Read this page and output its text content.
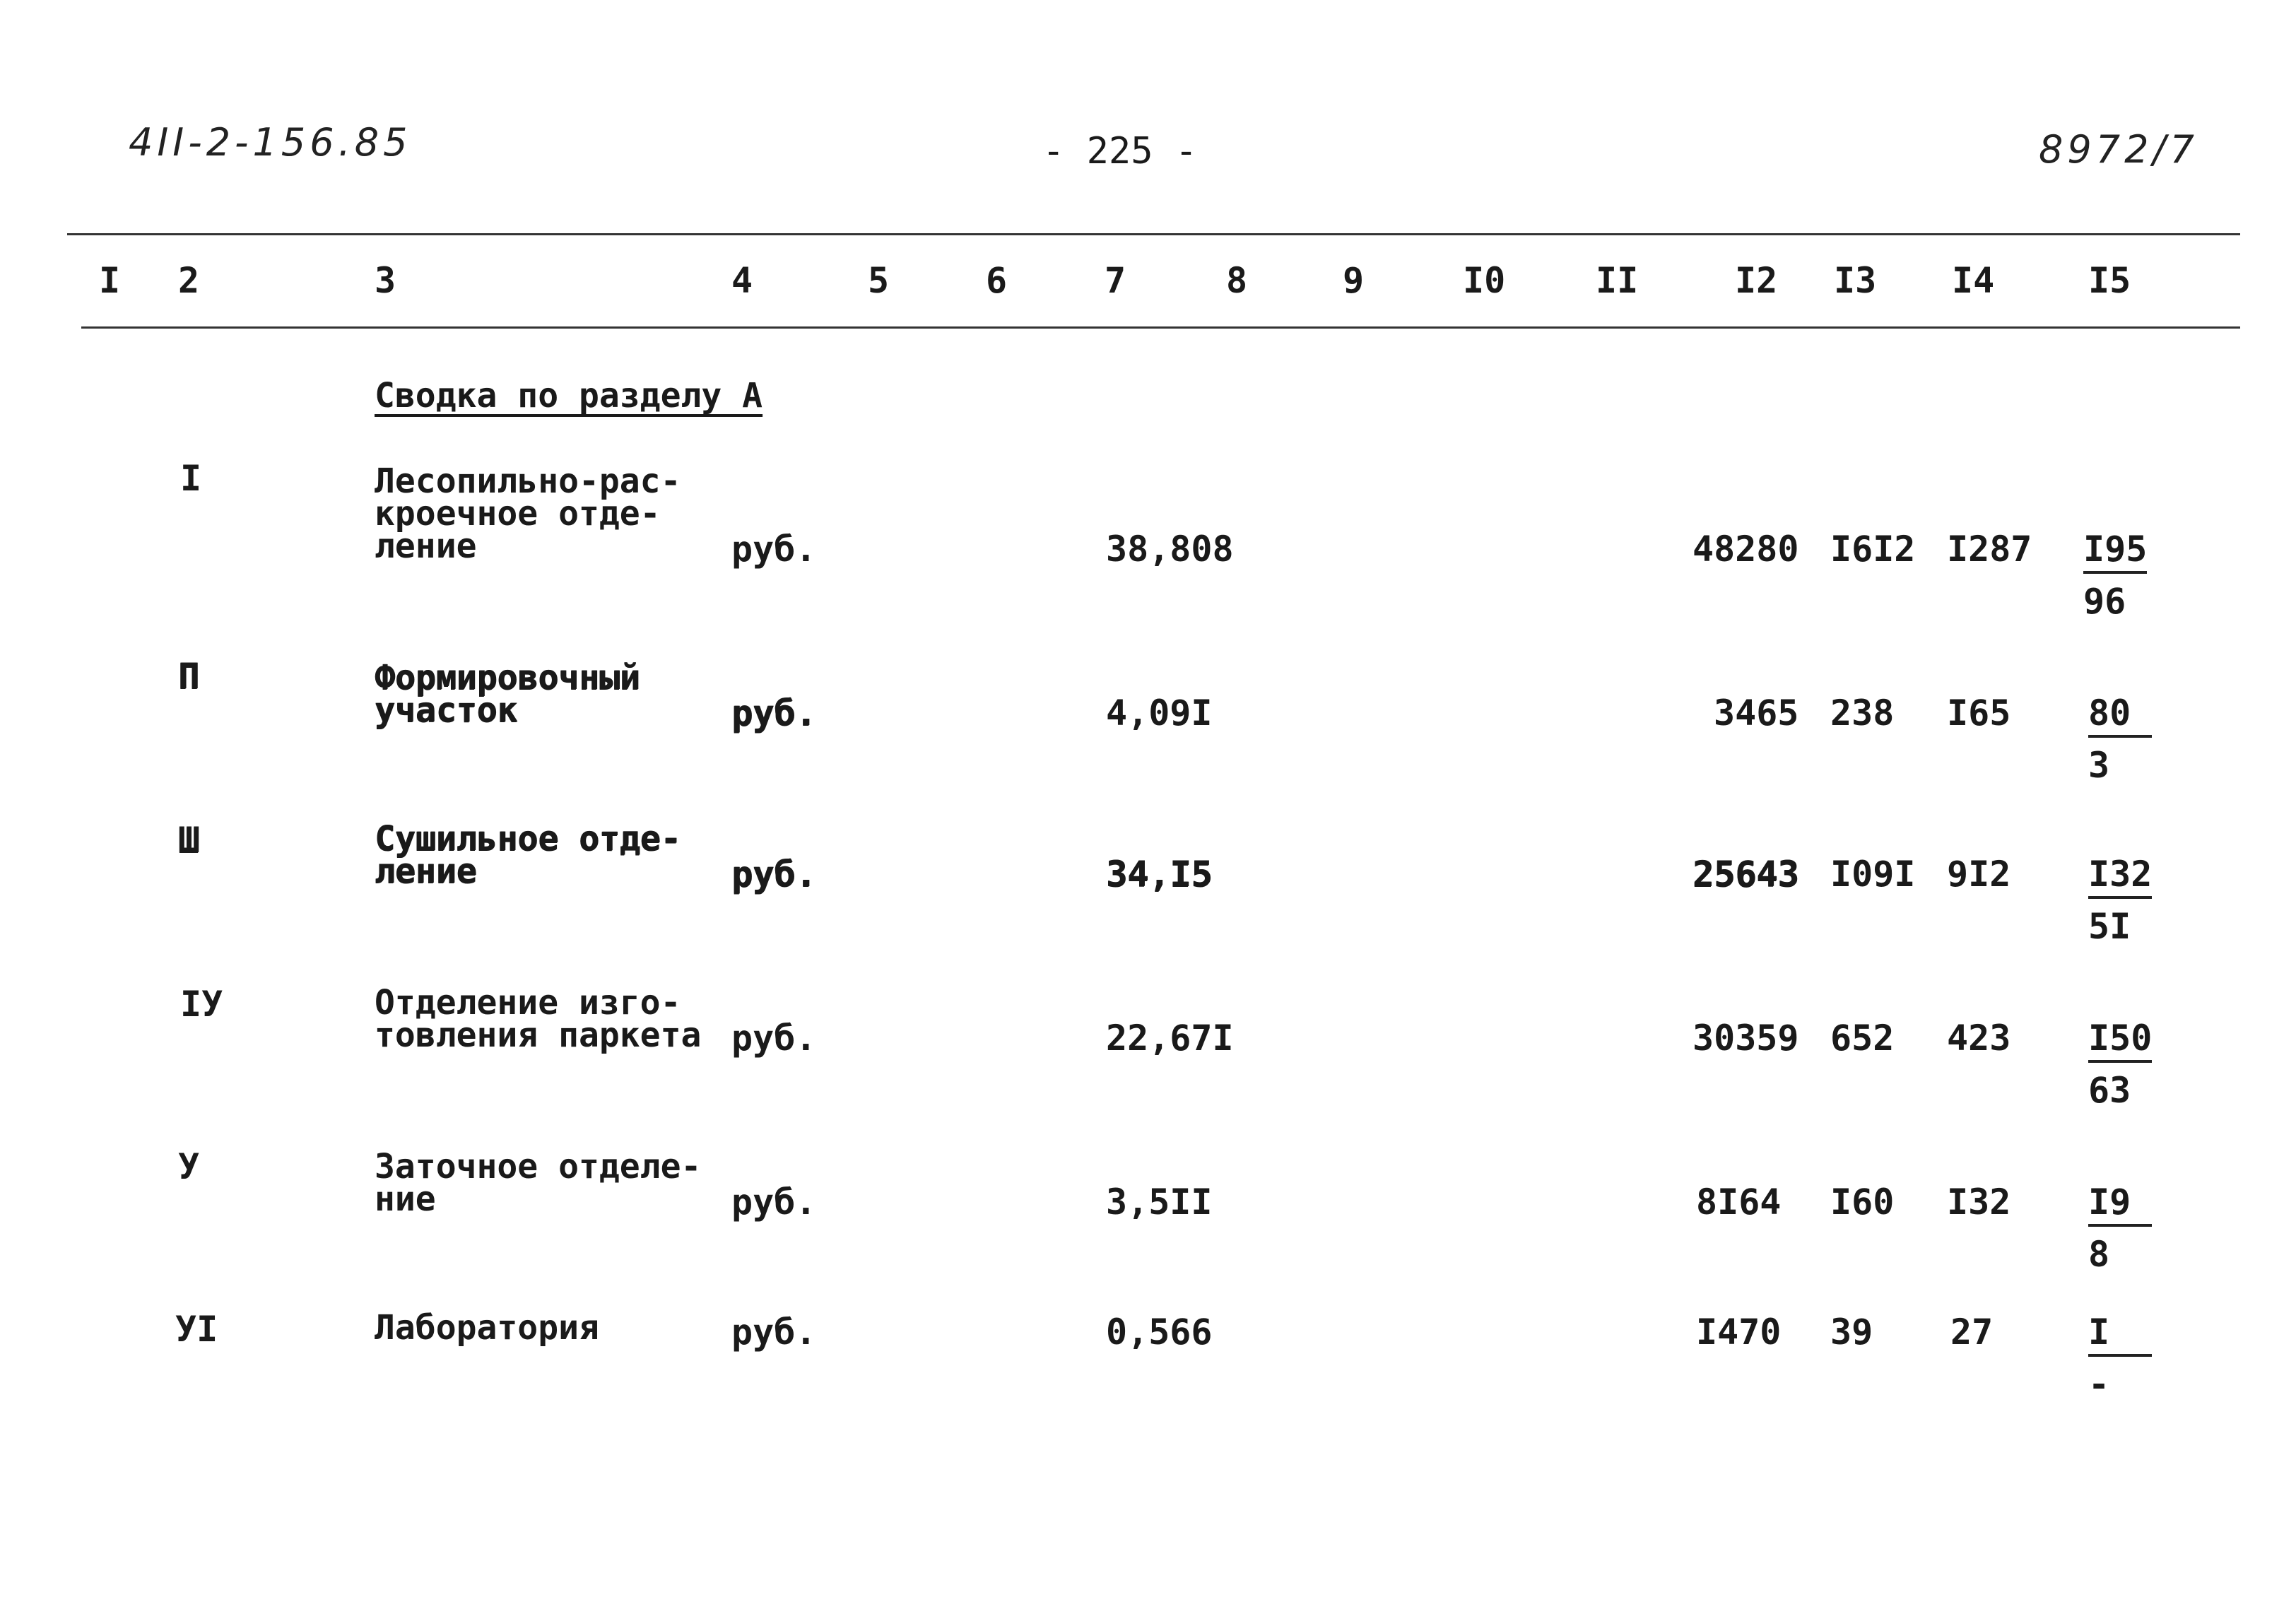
4II-2-156.85	- 225 -	8972/7
I 2	3	4	5	6	7	8	9	I0	II	I2 I3 I4	I5
Сводка по разделу А
I	Лесопильно-рас-
кроечное отде-
ление	руб.	38,808	48280 I6I2 $I287 \frac{I95}{96}$
П	Формировочный
участок	руб.	4,09I	3465 238 $I65 \frac{80}{3}$
Ш	Сушильное отде-
ление	руб.	34,I5	25643 I09I $9I2 \frac{I32}{5I}$
IУ	Отделение изго-
товления паркета руб.	22,67I	30359 652 $423 \frac{I50}{63}$
У	Заточное отделе-
ние	руб.	3,5II	8I64 I60 $I32 \frac{I9}{8}$
УI	Лаборатория	руб.	0,566	I470 39 27	I
-
